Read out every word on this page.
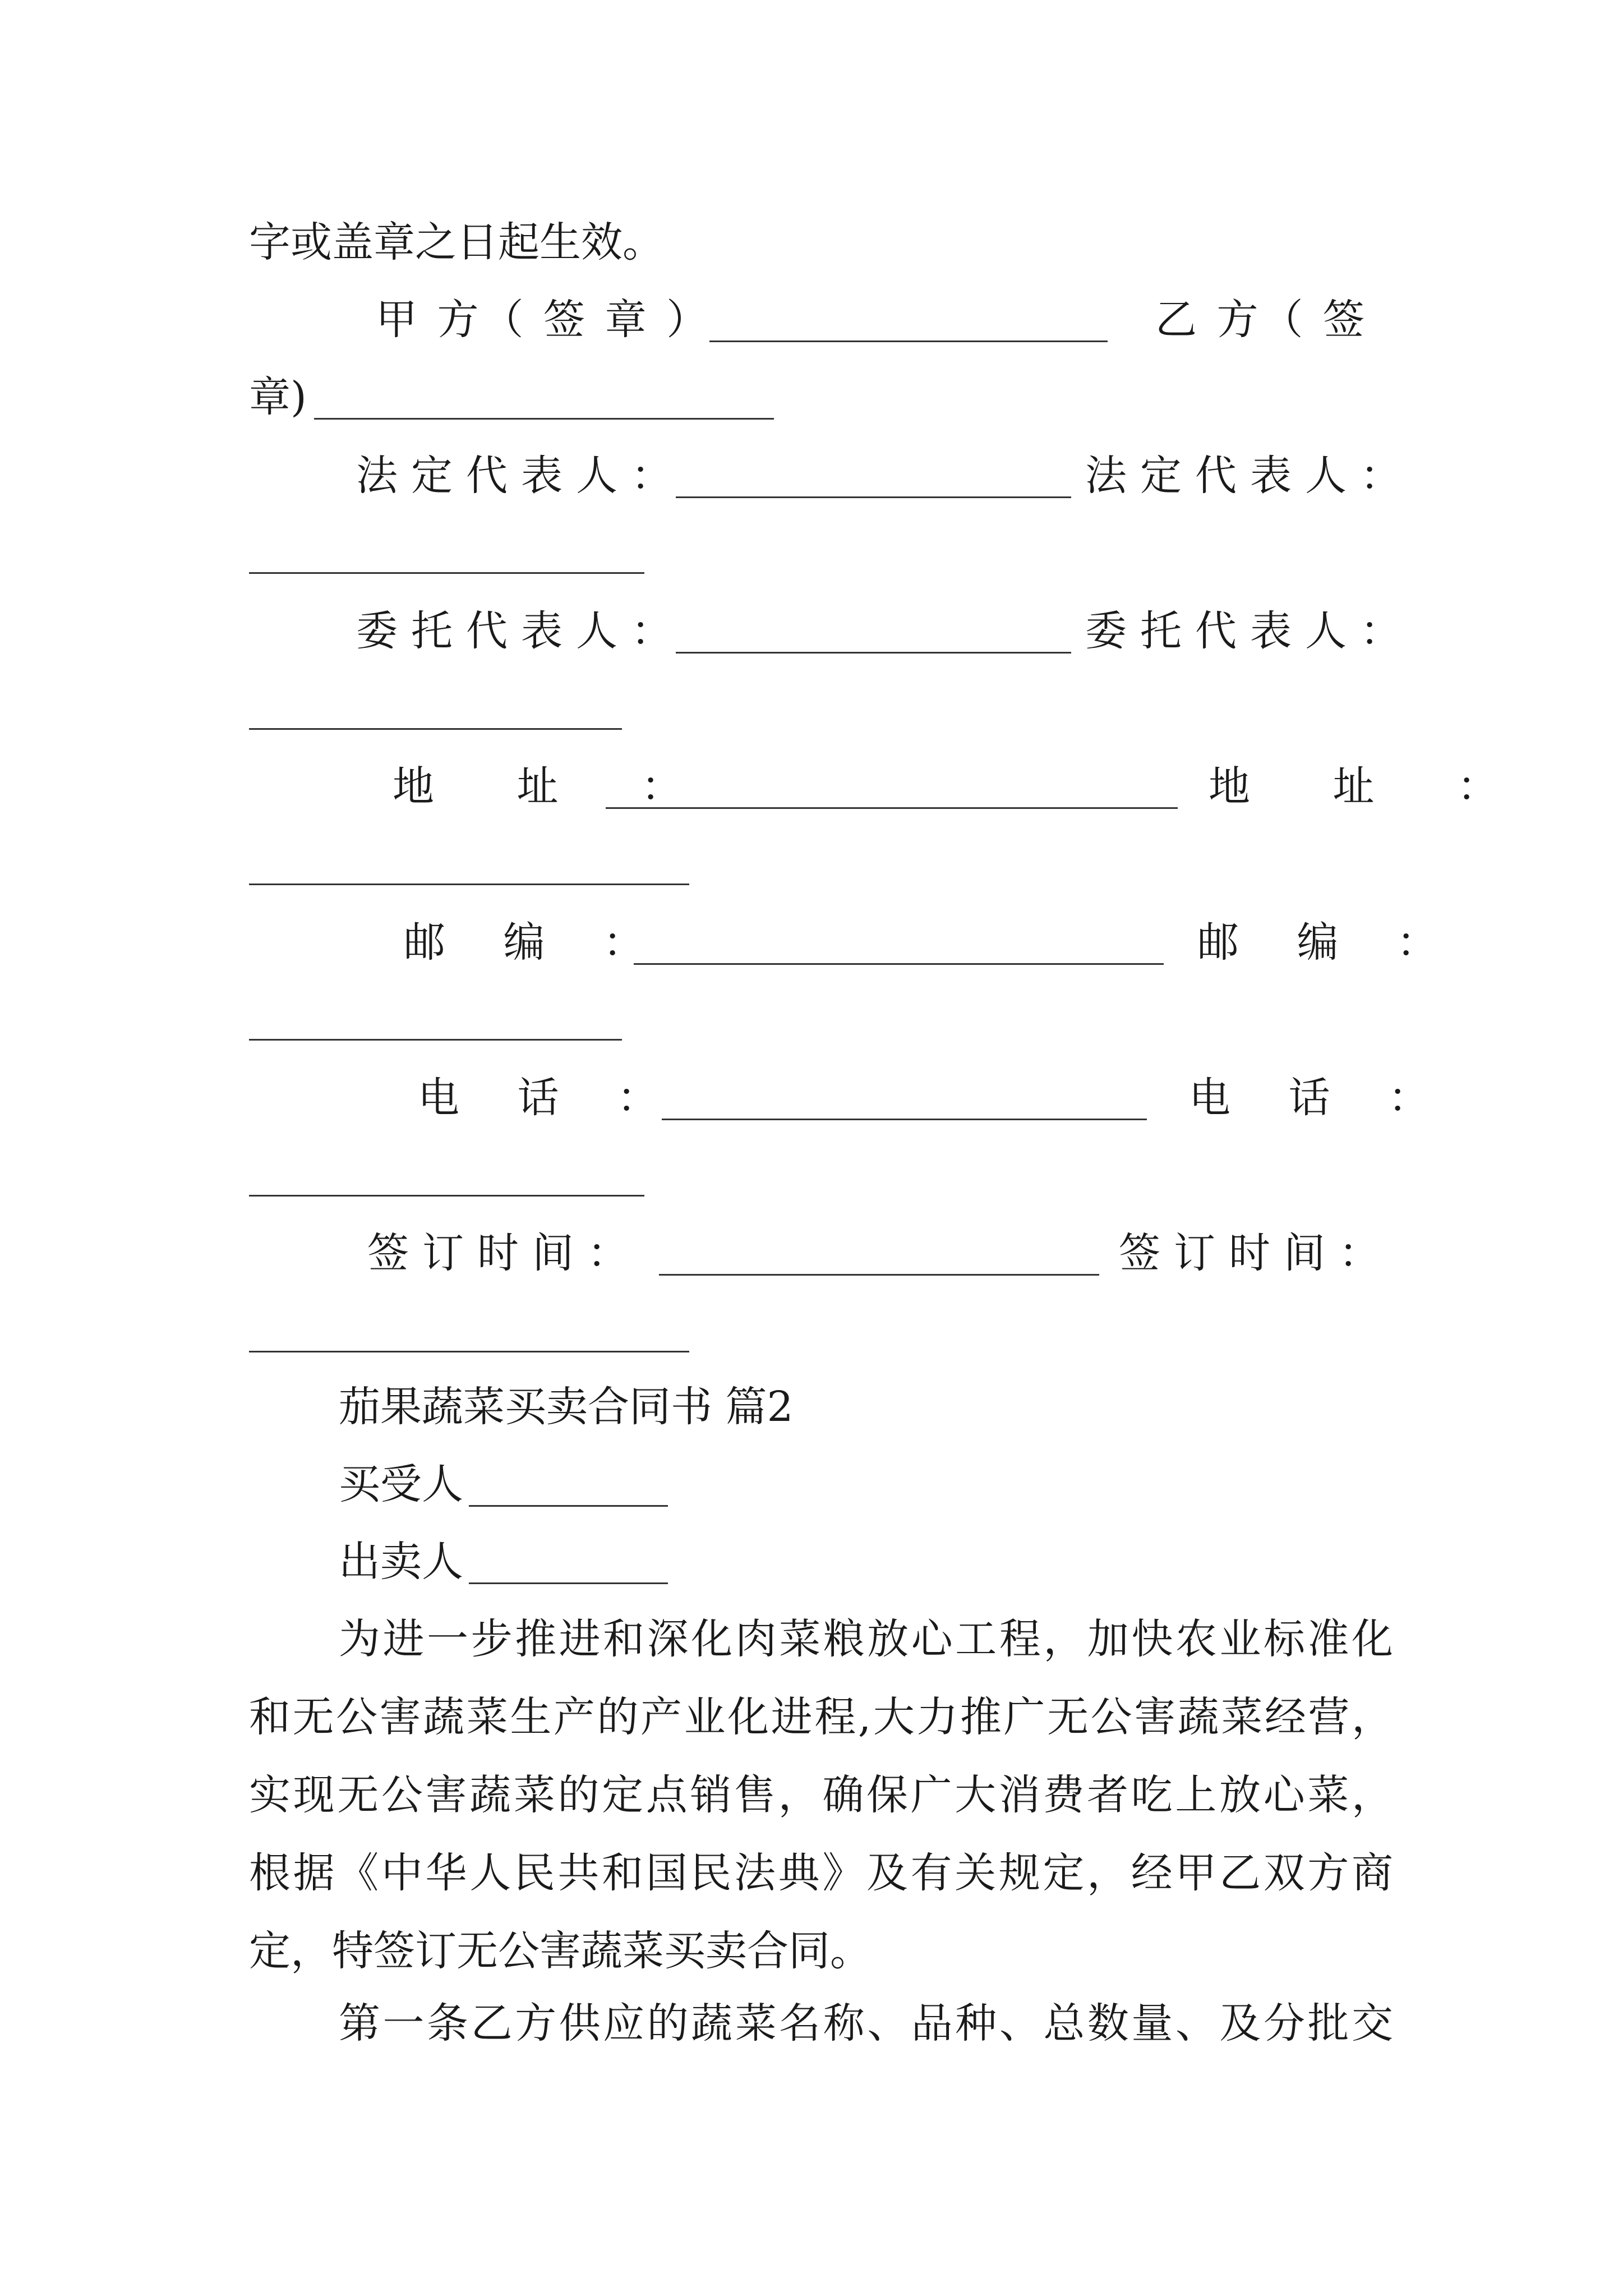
字或盖章之日起生效。
甲 方（ 签 章 ）	乙 方（ 签
章)
法定代表人：	法定代表人：
委托代表人：	委托代表人：
地 址 ：	地 址 ：
邮 编 ：	邮 编 ：
电 话 ：	电 话 ：
签订时间：	签订时间：
茄果蔬菜买卖合同书 篇2
买受人
出卖人
为进一步推进和深化肉菜粮放心工程，加快农业标准化
和无公害蔬菜生产的产业化进程,大力推广无公害蔬菜经营，
实现无公害蔬菜的定点销售，确保广大消费者吃上放心菜，
根据《中华人民共和国民法典》及有关规定，经甲乙双方商
定，特签订无公害蔬菜买卖合同。
第一条乙方供应的蔬菜名称、品种、总数量、及分批交
